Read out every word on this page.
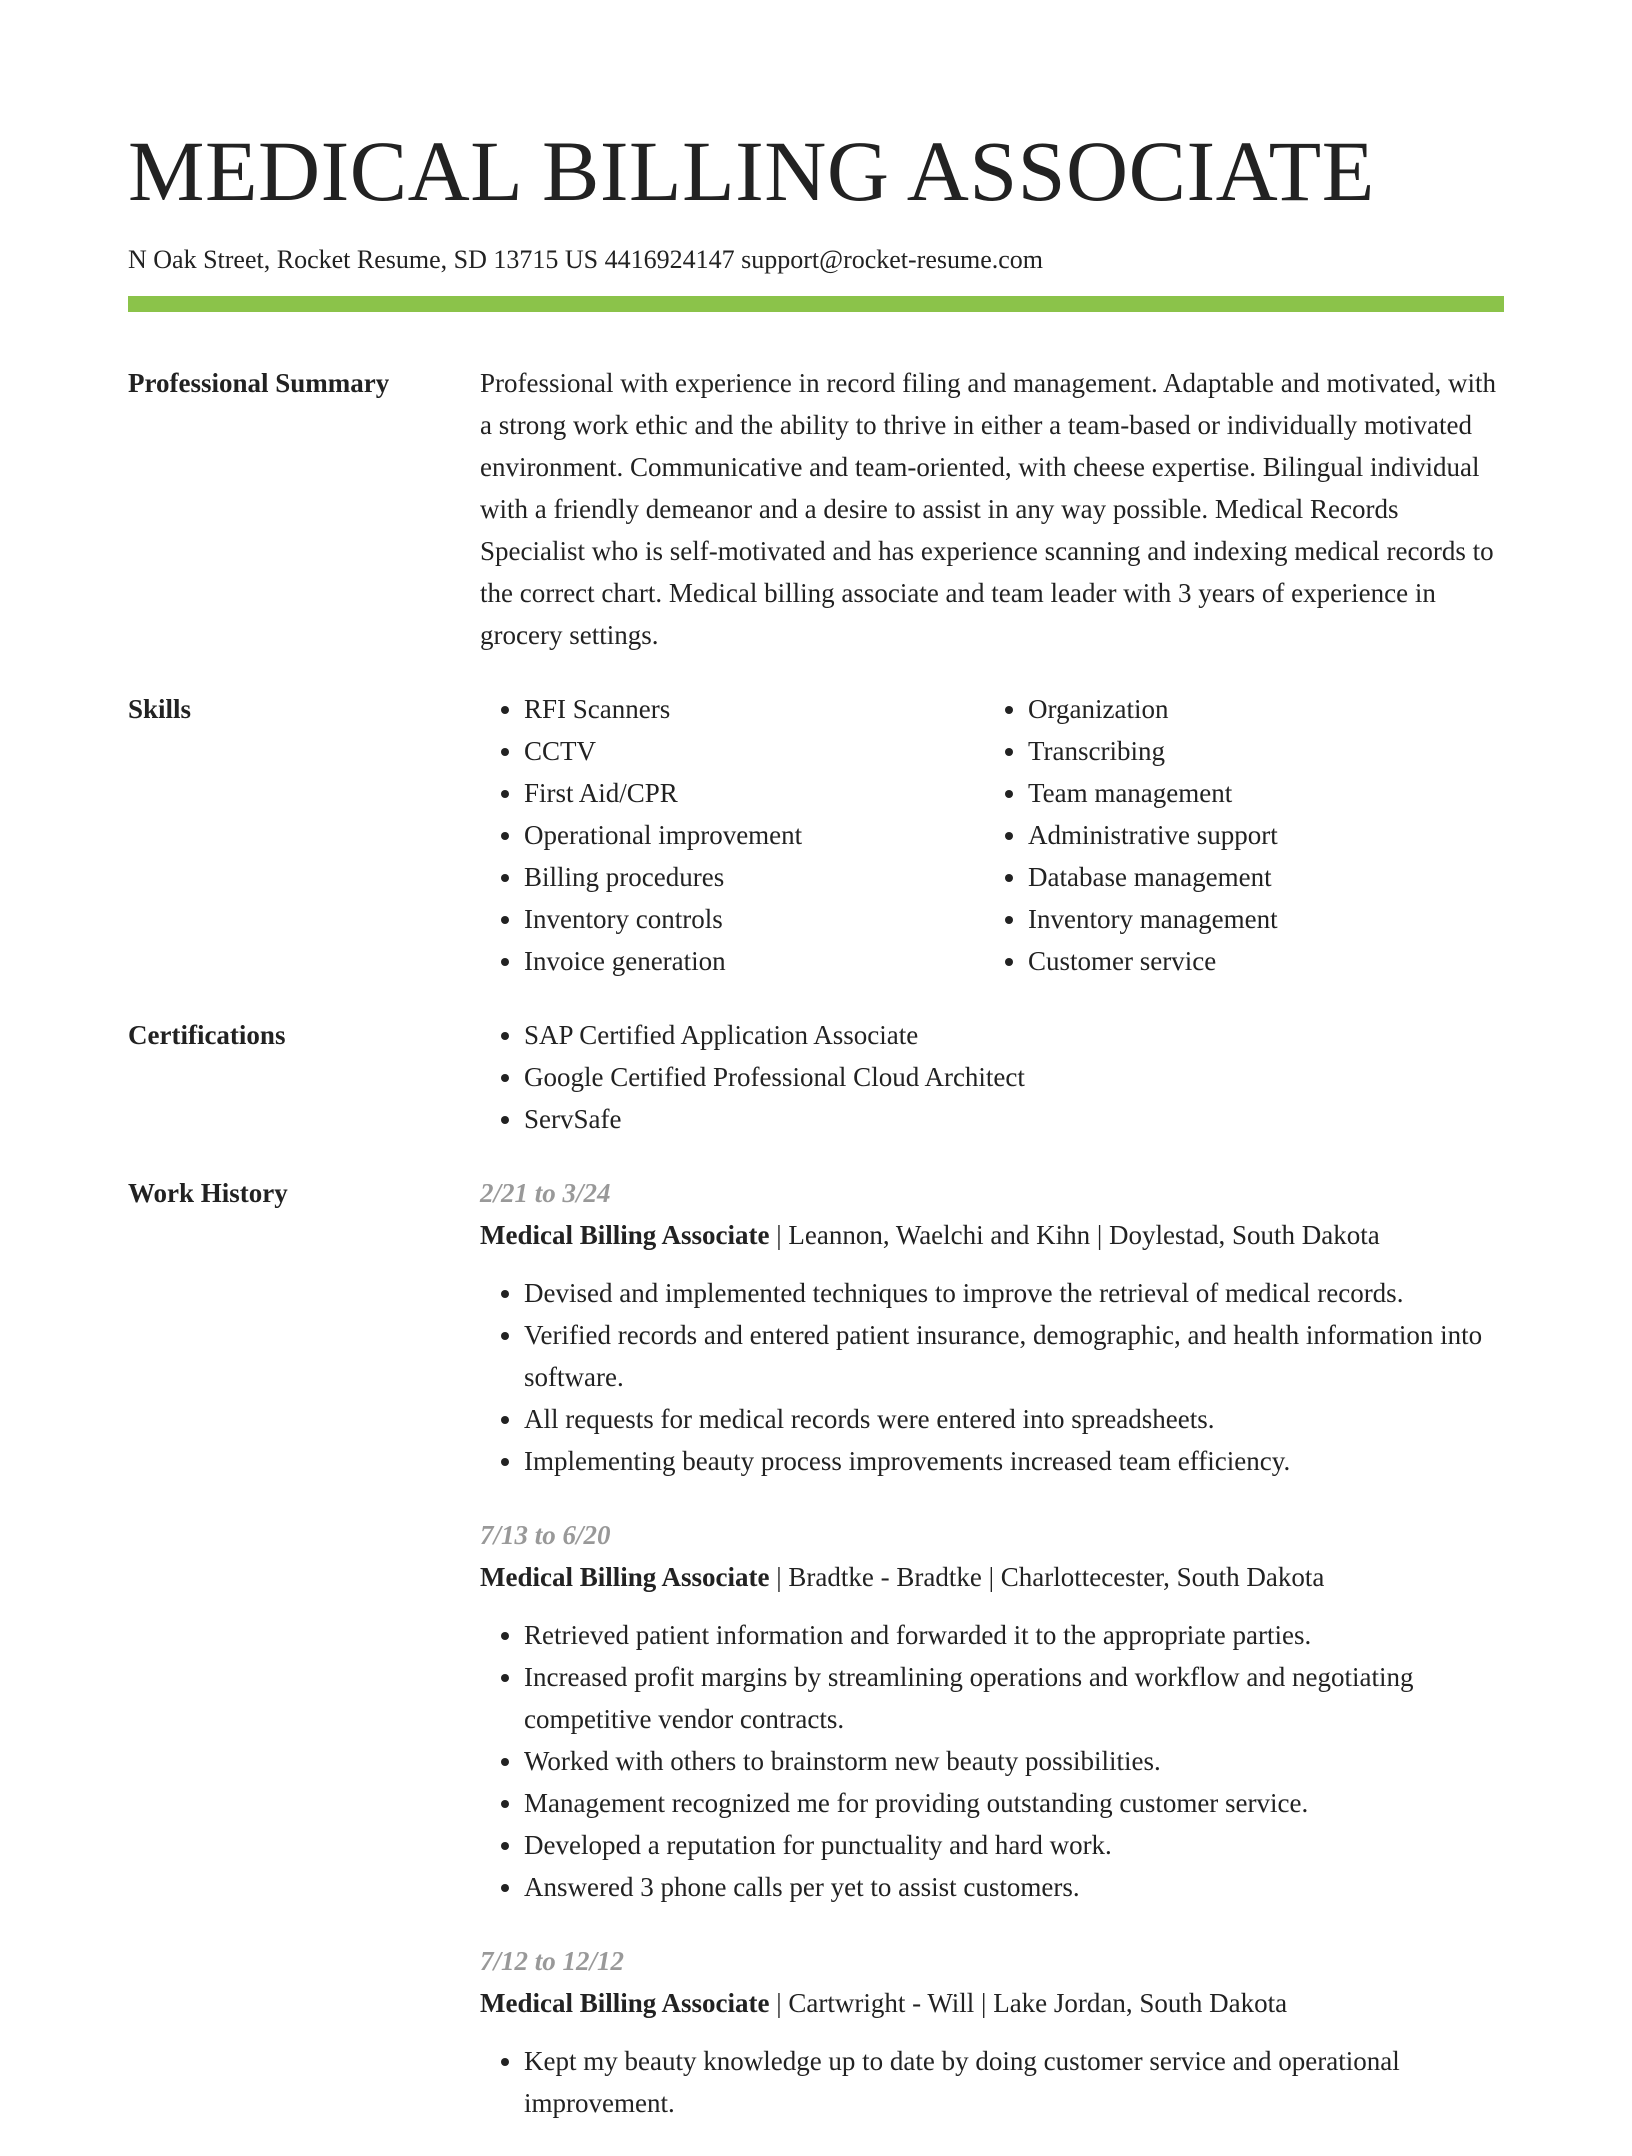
MEDICAL BILLING ASSOCIATE
N Oak Street, Rocket Resume, SD 13715 US 4416924147 support@rocket-resume.com
Professional Summary	Professional with experience in record filing and management. Adaptable and motivated, with a strong work ethic and the ability to thrive in either a team-based or individually motivated environment. Communicative and team-oriented, with cheese expertise. Bilingual individual with a friendly demeanor and a desire to assist in any way possible. Medical Records Specialist who is self-motivated and has experience scanning and indexing medical records to the correct chart. Medical billing associate and team leader with 3 years of experience in grocery settings.

Skills	• RFI Scanners
• CCTV
• First Aid/CPR
• Operational improvement
• Billing procedures
• Inventory controls
• Invoice generation
• Organization
• Transcribing
• Team management
• Administrative support
• Database management
• Inventory management
• Customer service
Certifications	• SAP Certified Application Associate
• Google Certified Professional Cloud Architect
• ServSafe
Work History	2/21 to 3/24
Medical Billing Associate | Leannon, Waelchi and Kihn | Doylestad, South Dakota
• Devised and implemented techniques to improve the retrieval of medical records.
• Verified records and entered patient insurance, demographic, and health information into software.
• All requests for medical records were entered into spreadsheets.
• Implementing beauty process improvements increased team efficiency.
7/13 to 6/20
Medical Billing Associate | Bradtke - Bradtke | Charlottecester, South Dakota
• Retrieved patient information and forwarded it to the appropriate parties.
• Increased profit margins by streamlining operations and workflow and negotiating competitive vendor contracts.
• Worked with others to brainstorm new beauty possibilities.
• Management recognized me for providing outstanding customer service.
• Developed a reputation for punctuality and hard work.
• Answered 3 phone calls per yet to assist customers.
7/12 to 12/12
Medical Billing Associate | Cartwright - Will | Lake Jordan, South Dakota
• Kept my beauty knowledge up to date by doing customer service and operational improvement.
